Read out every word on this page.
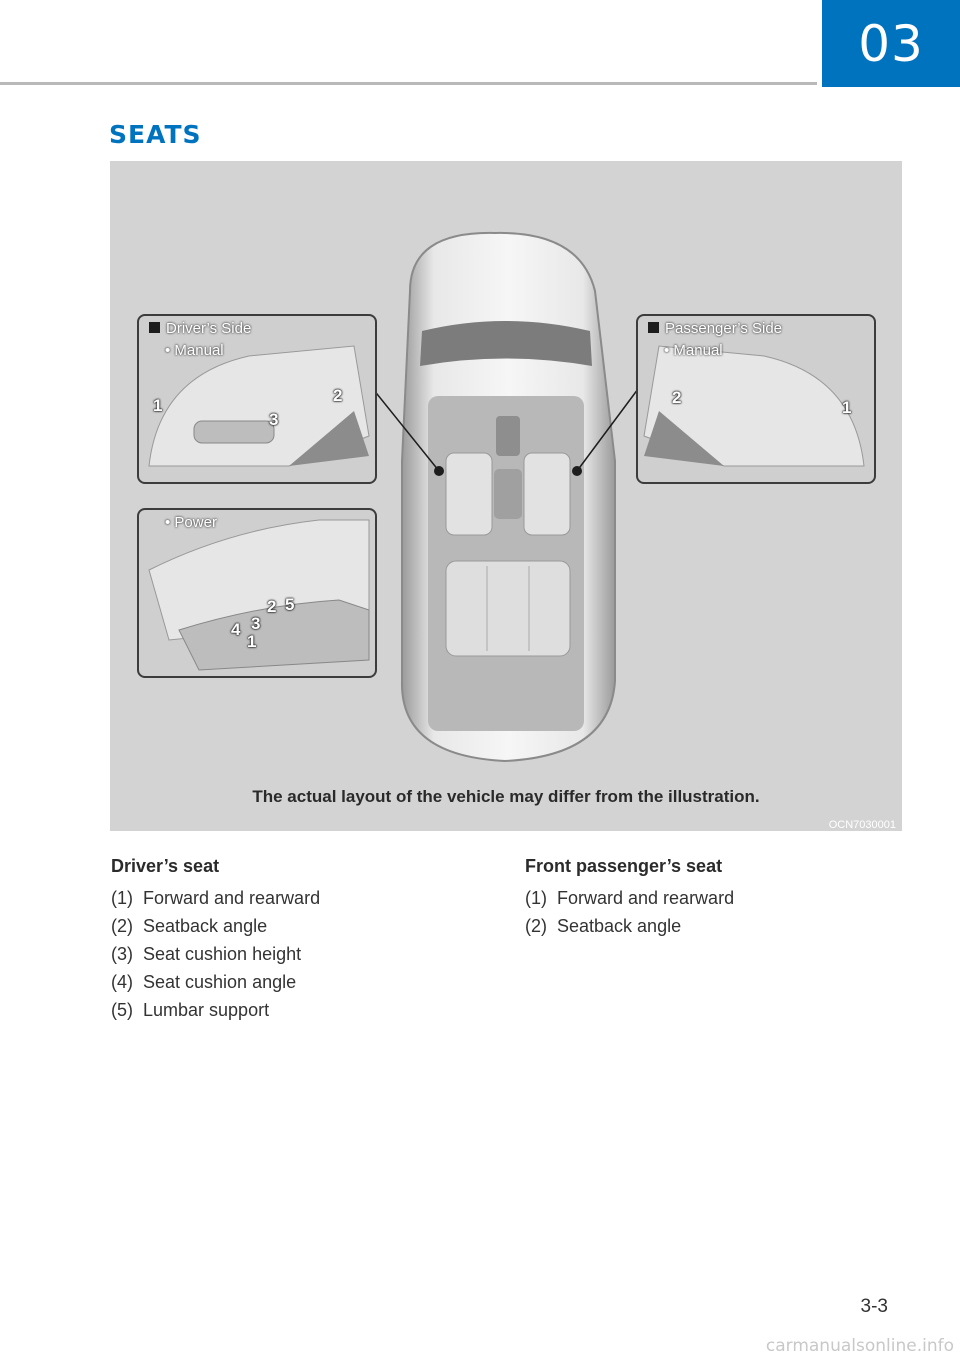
03
SEATS
Driver’s Side
• Manual
1
2
3
• Power
1
2
3
4
5
Passenger’s Side
• Manual
2
1
The actual layout of the vehicle may differ from the illustration.
OCN7030001
Driver’s seat
(1) Forward and rearward
(2) Seatback angle
(3) Seat cushion height
(4) Seat cushion angle
(5) Lumbar support
Front passenger’s seat
(1) Forward and rearward
(2) Seatback angle
3-3
carmanualsonline.info
